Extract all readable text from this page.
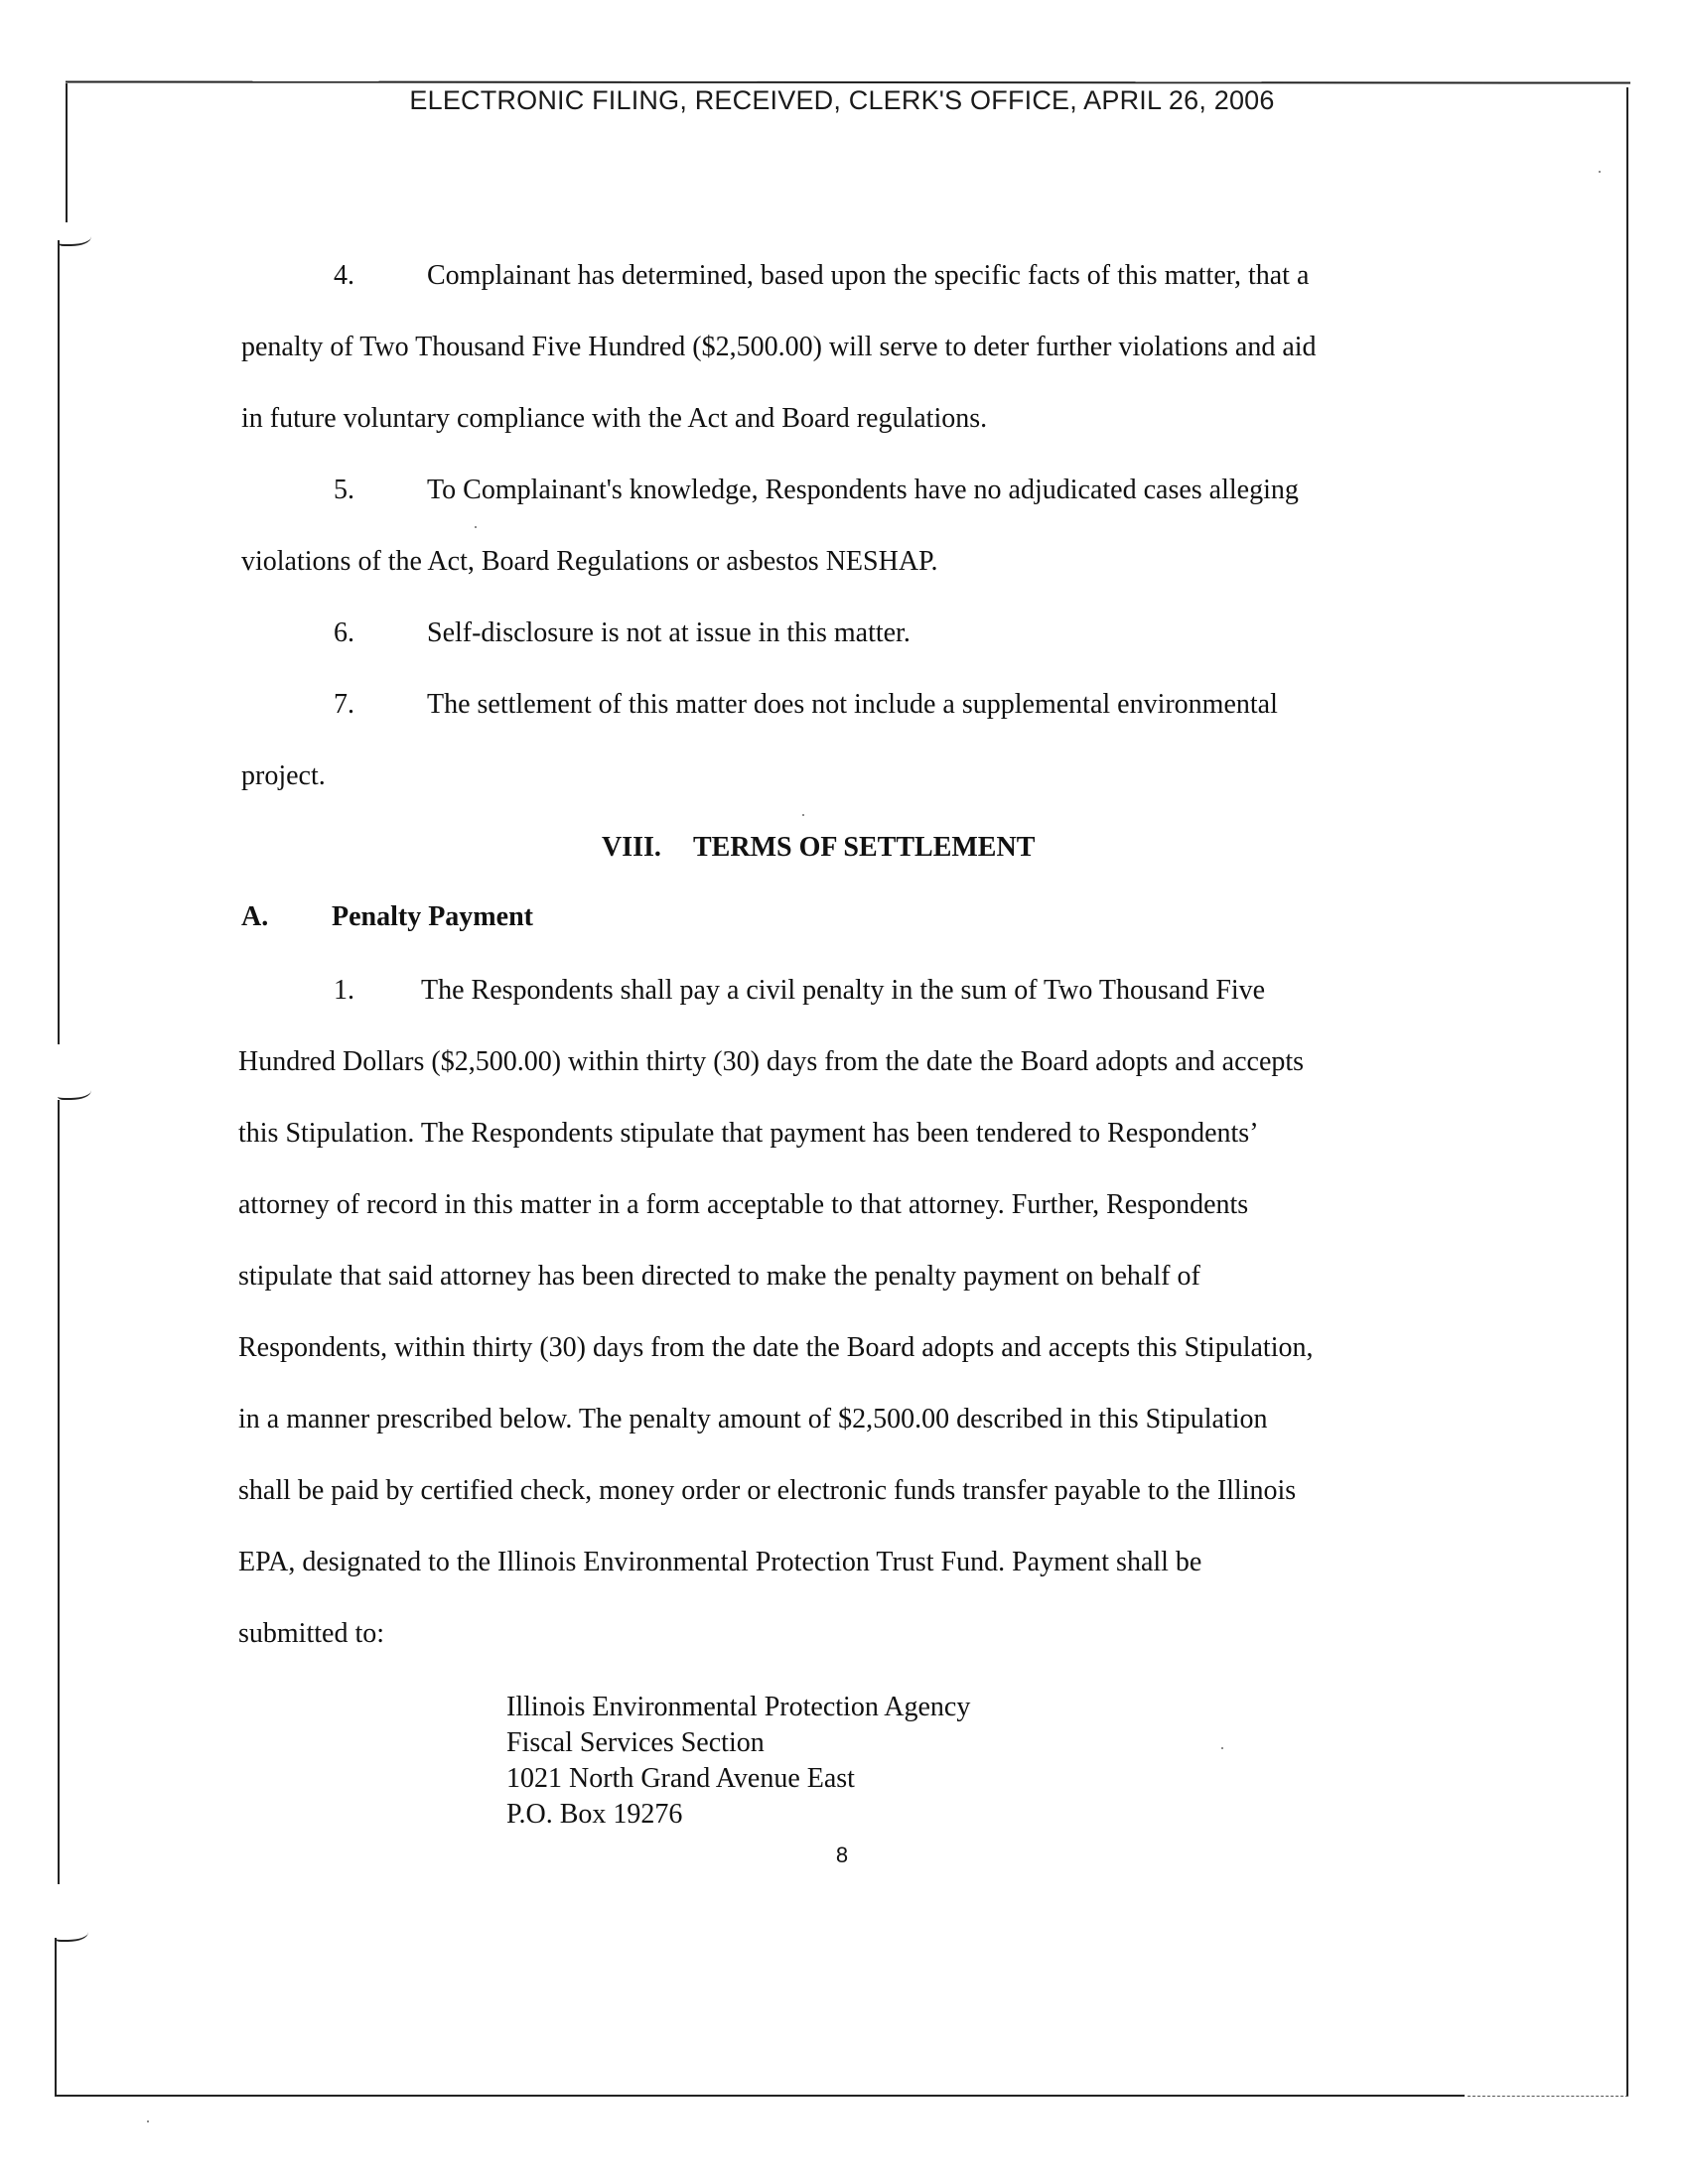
ELECTRONIC FILING, RECEIVED, CLERK'S OFFICE, APRIL 26, 2006
4.	Complainant has determined, based upon the specific facts of this matter, that a
penalty of Two Thousand Five Hundred ($2,500.00) will serve to deter further violations and aid
in future voluntary compliance with the Act and Board regulations.
5.	To Complainant's knowledge, Respondents have no adjudicated cases alleging
violations of the Act, Board Regulations or asbestos NESHAP.
6.	Self-disclosure is not at issue in this matter.
7.	The settlement of this matter does not include a supplemental environmental
project.
VIII. TERMS OF SETTLEMENT
A. Penalty Payment
1. The Respondents shall pay a civil penalty in the sum of Two Thousand Five
Hundred Dollars ($2,500.00) within thirty (30) days from the date the Board adopts and accepts
this Stipulation. The Respondents stipulate that payment has been tendered to Respondents’
attorney of record in this matter in a form acceptable to that attorney. Further, Respondents
stipulate that said attorney has been directed to make the penalty payment on behalf of
Respondents, within thirty (30) days from the date the Board adopts and accepts this Stipulation,
in a manner prescribed below. The penalty amount of $2,500.00 described in this Stipulation
shall be paid by certified check, money order or electronic funds transfer payable to the Illinois
EPA, designated to the Illinois Environmental Protection Trust Fund. Payment shall be
submitted to:
Illinois Environmental Protection Agency
Fiscal Services Section
1021 North Grand Avenue East
P.O. Box 19276
8
